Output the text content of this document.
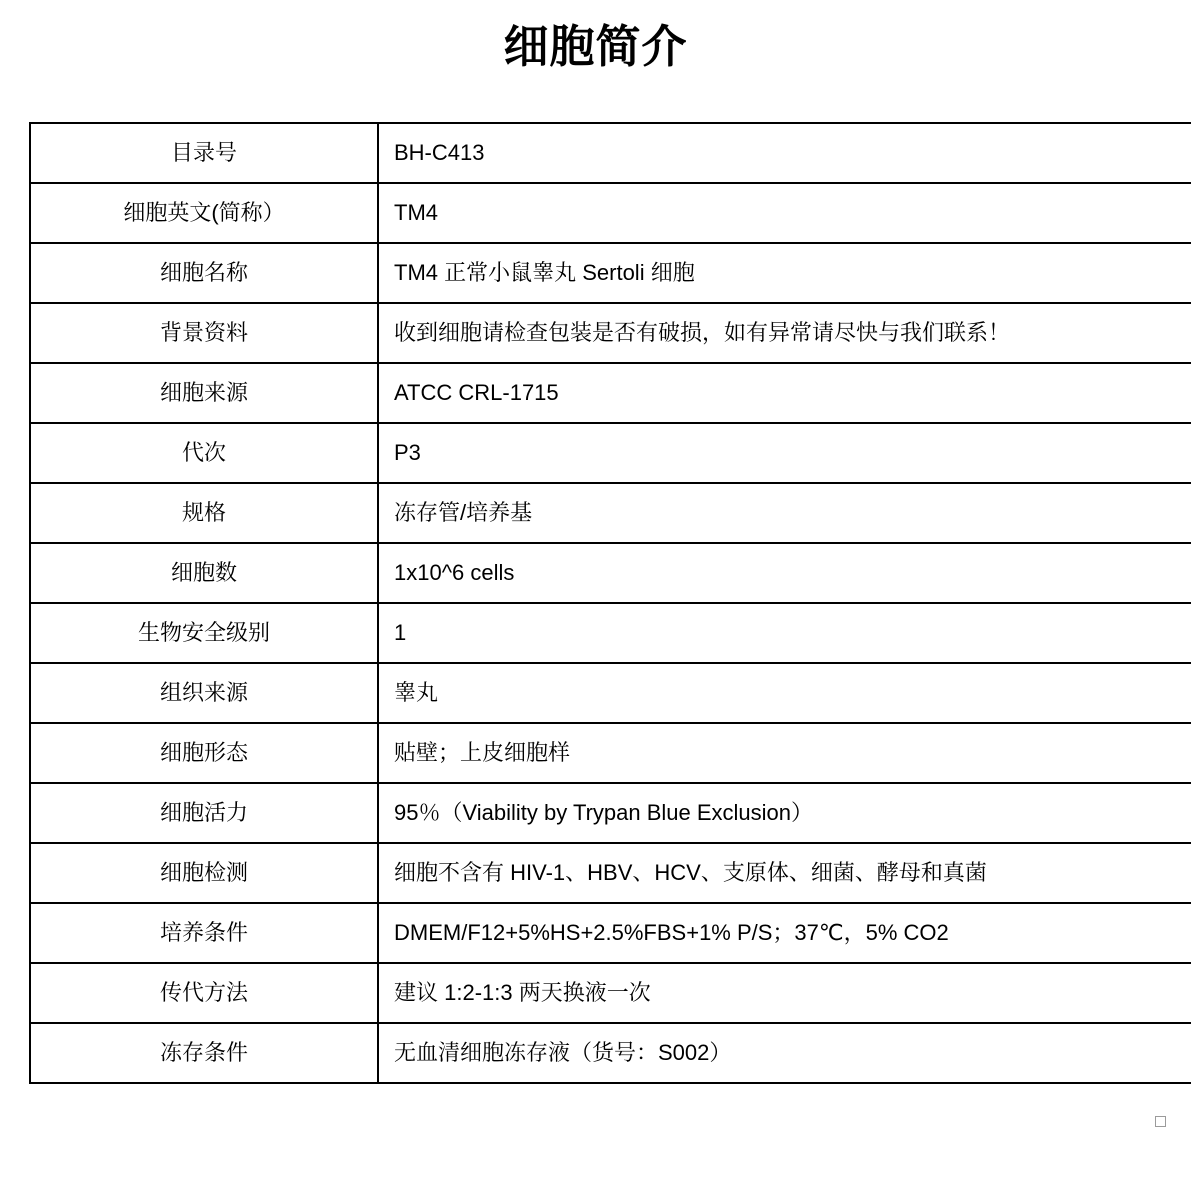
细胞简介
目录号	BH-C413
细胞英文(简称）	TM4
细胞名称	TM4 正常小鼠睾丸 Sertoli 细胞
背景资料	收到细胞请检查包装是否有破损，如有异常请尽快与我们联系！
细胞来源	ATCC CRL-1715
代次	P3
规格	冻存管/培养基
细胞数	1x10^6 cells
生物安全级别	1
组织来源	睾丸
细胞形态	贴壁；上皮细胞样
细胞活力	95％（Viability by Trypan Blue Exclusion）
细胞检测	细胞不含有 HIV-1、HBV、HCV、支原体、细菌、酵母和真菌
培养条件	DMEM/F12+5%HS+2.5%FBS+1% P/S；37℃，5% CO2
传代方法	建议 1:2-1:3 两天换液一次
冻存条件	无血清细胞冻存液（货号：S002）
